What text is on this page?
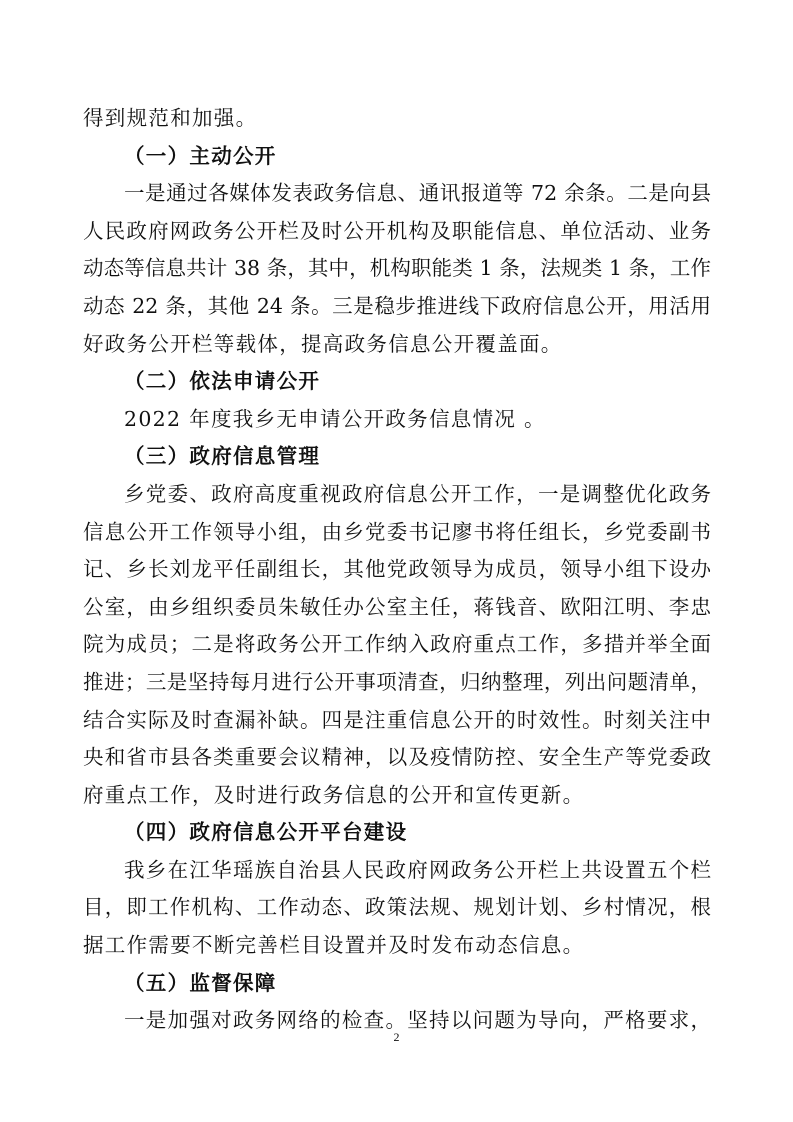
得到规范和加强。
（一）主动公开
一是通过各媒体发表政务信息、通讯报道等 72 余条。二是向县
人民政府网政务公开栏及时公开机构及职能信息、单位活动、业务
动态等信息共计 38 条，其中，机构职能类 1 条，法规类 1 条，工作
动态 22 条，其他 24 条。三是稳步推进线下政府信息公开，用活用
好政务公开栏等载体，提高政务信息公开覆盖面。
（二）依法申请公开
2022 年度我乡无申请公开政务信息情况 。
（三）政府信息管理
乡党委、政府高度重视政府信息公开工作，一是调整优化政务
信息公开工作领导小组，由乡党委书记廖书将任组长，乡党委副书
记、乡长刘龙平任副组长，其他党政领导为成员，领导小组下设办
公室，由乡组织委员朱敏任办公室主任，蒋钱音、欧阳江明、李忠
院为成员；二是将政务公开工作纳入政府重点工作，多措并举全面
推进；三是坚持每月进行公开事项清查，归纳整理，列出问题清单，
结合实际及时查漏补缺。四是注重信息公开的时效性。时刻关注中
央和省市县各类重要会议精神，以及疫情防控、安全生产等党委政
府重点工作，及时进行政务信息的公开和宣传更新。
（四）政府信息公开平台建设
我乡在江华瑶族自治县人民政府网政务公开栏上共设置五个栏
目，即工作机构、工作动态、政策法规、规划计划、乡村情况，根
据工作需要不断完善栏目设置并及时发布动态信息。
（五）监督保障
一是加强对政务网络的检查。坚持以问题为导向，严格要求，
2
